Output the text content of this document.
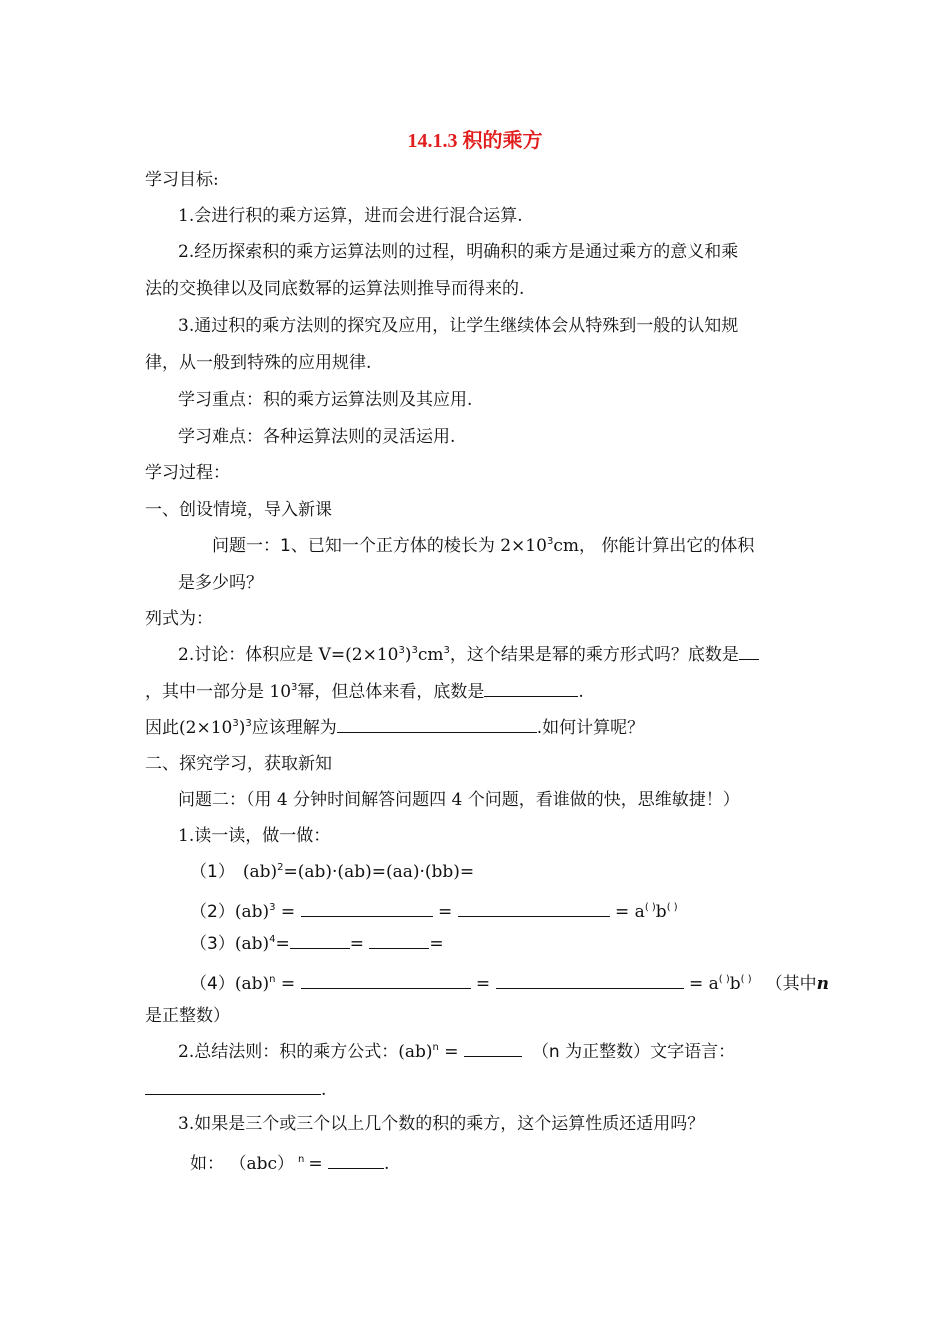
14.1.3 积的乘方
学习目标:
1.会进行积的乘方运算，进而会进行混合运算.
2.经历探索积的乘方运算法则的过程，明确积的乘方是通过乘方的意义和乘
法的交换律以及同底数幂的运算法则推导而得来的.
3.通过积的乘方法则的探究及应用，让学生继续体会从特殊到一般的认知规
律，从一般到特殊的应用规律.
学习重点：积的乘方运算法则及其应用.
学习难点：各种运算法则的灵活运用.
学习过程：
一、创设情境，导入新课
问题一：1、已知一个正方体的棱长为 $2\times 10^3cm$， 你能计算出它的体积
是多少吗？
列式为：
2.讨论：体积应是 $V=(2\times 10^3)^3cm^3$，这个结果是幂的乘方形式吗？底数是
，其中一部分是 $10^3$幂，但总体来看，底数是	.
因此$(2\times 10^3)^3$应该理解为	.如何计算呢？
二、探究学习，获取新知
问题二：（用 4 分钟时间解答问题四 4 个问题，看谁做的快，思维敏捷！）
1.读一读，做一做：
（1） (ab)$^2$=(ab)·(ab)=(aa)·(bb)=
（2）(ab)$^3$ =	=	= a( )b( )
（3）(ab)$^4$=	=	=
（4）(ab)$^n$ =	=	= a( )b( ) （其中n
是正整数）
2.总结法则：积的乘方公式：(ab)$^n$ =	（n 为正整数）文字语言：
.
3.如果是三个或三个以上几个数的积的乘方，这个运算性质还适用吗？
如： （abc） $^n$ =	.
